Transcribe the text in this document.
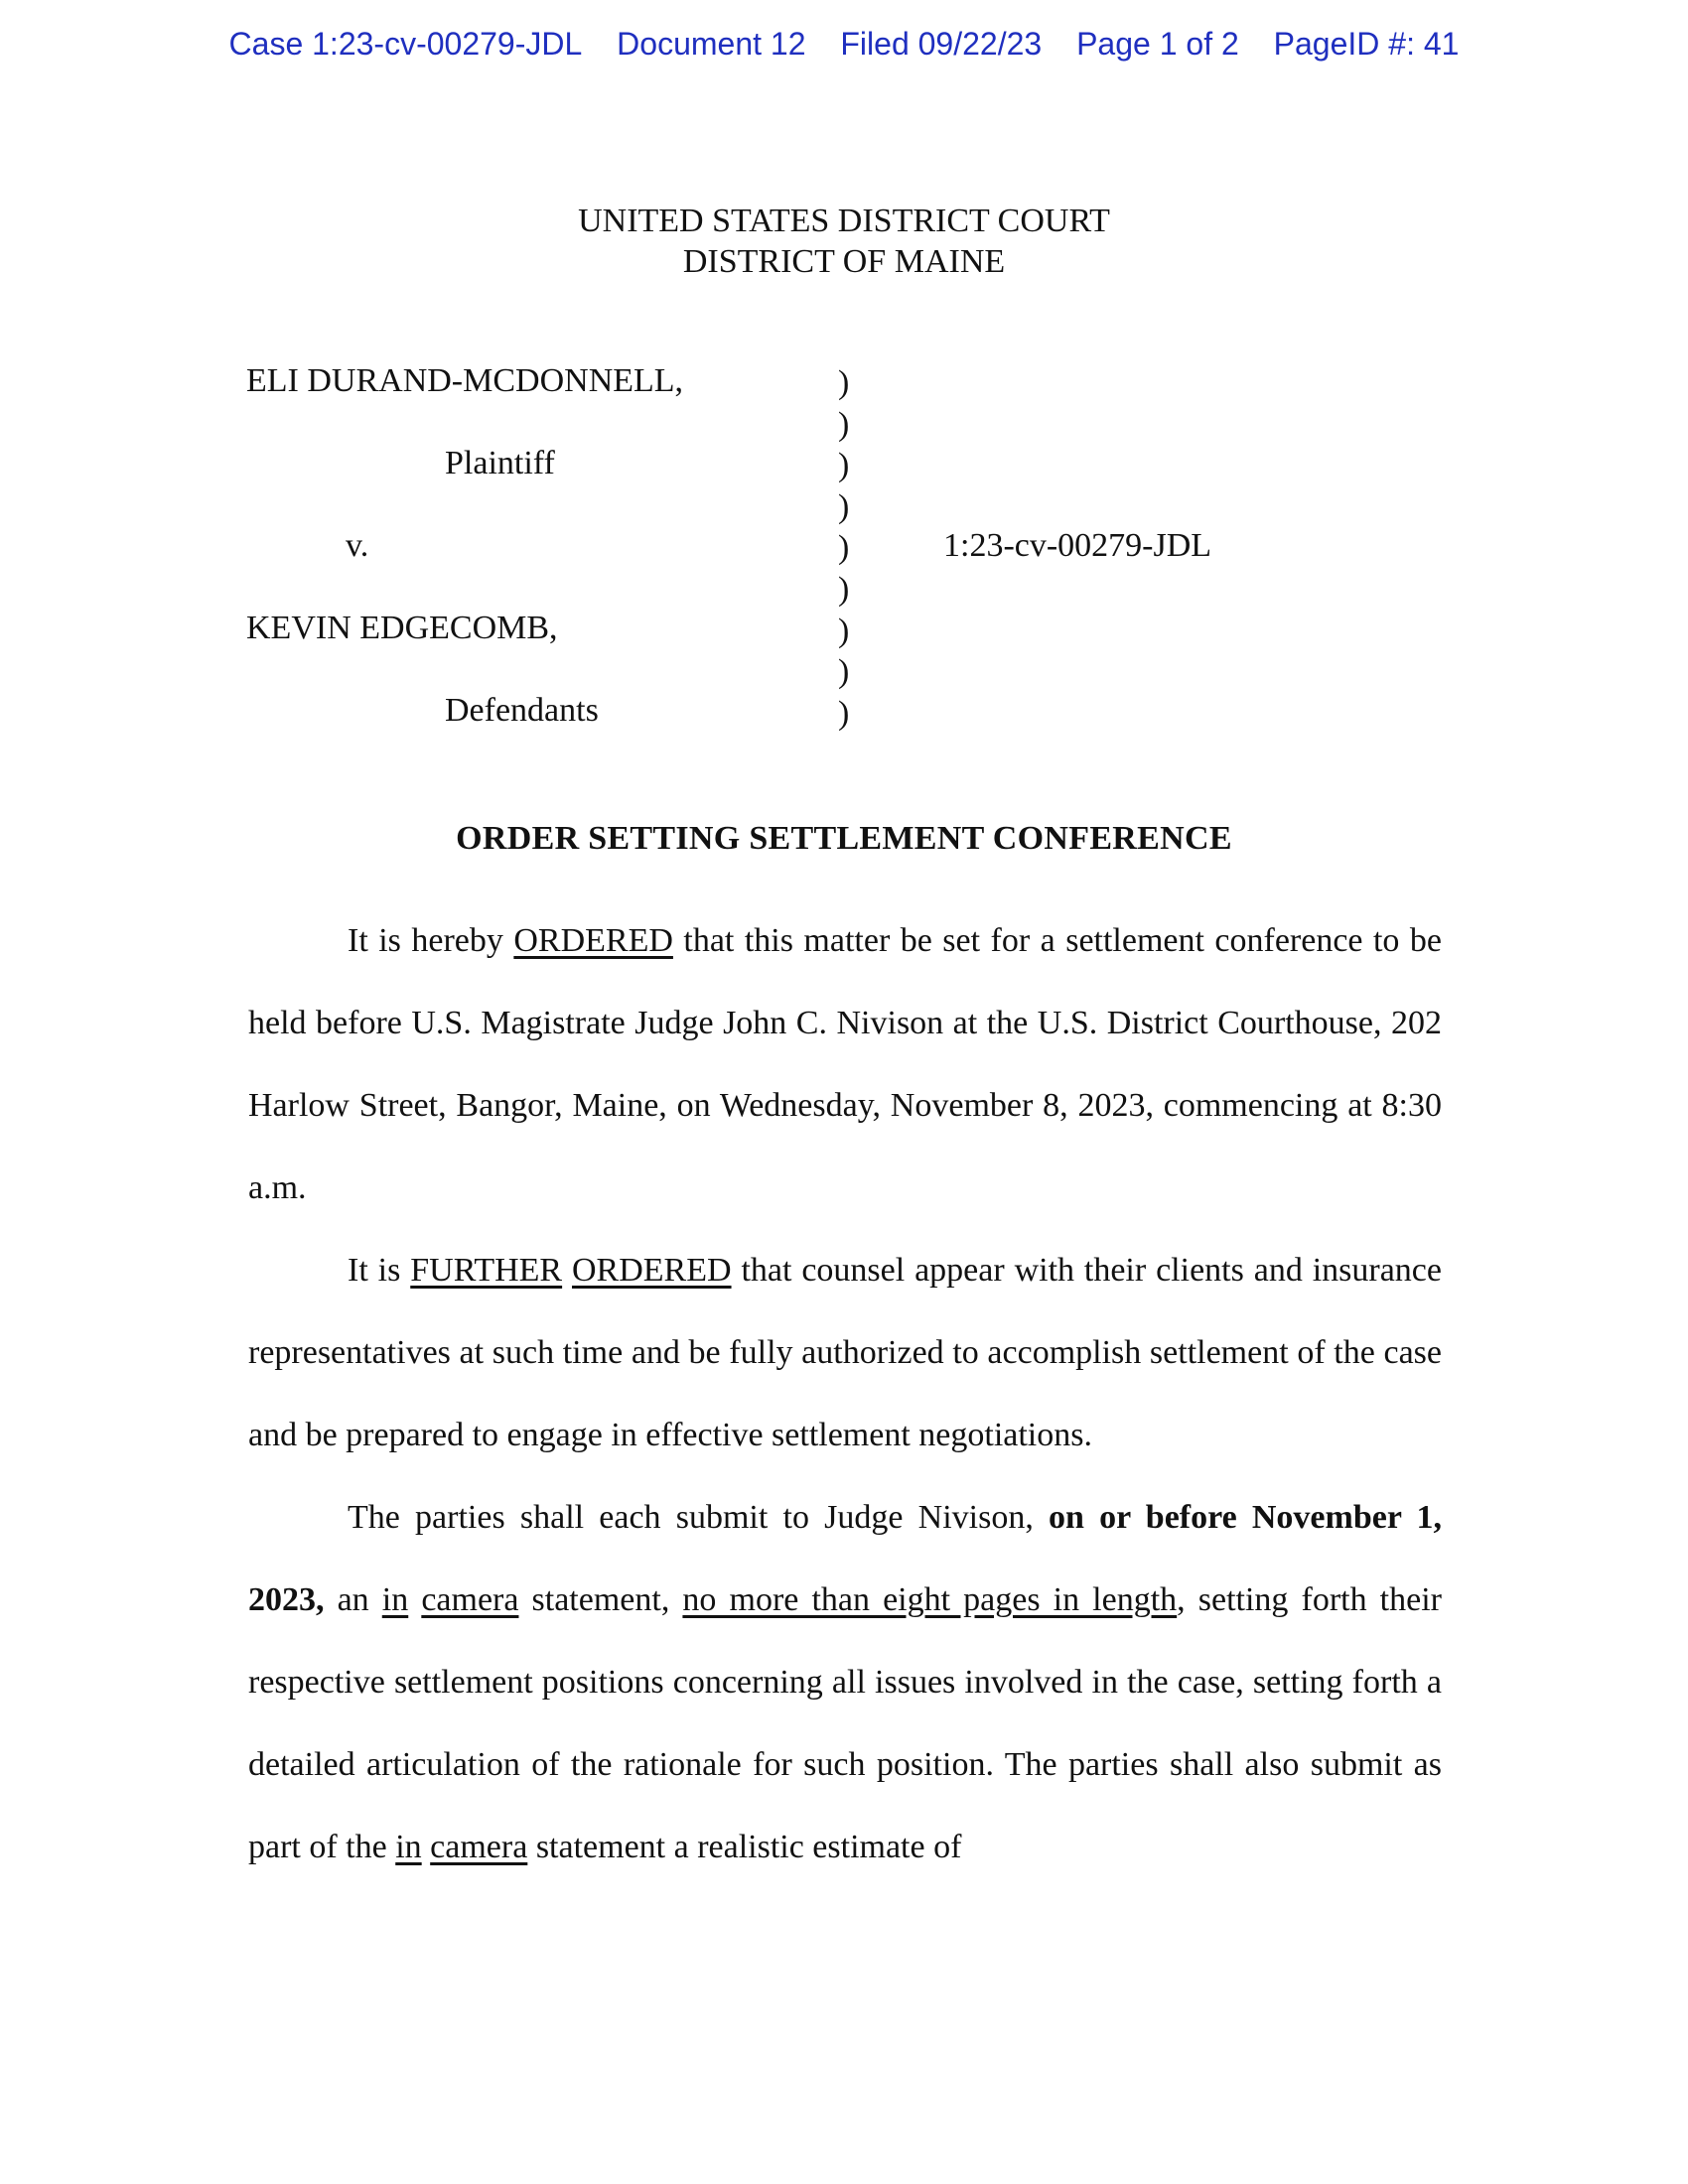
Case 1:23-cv-00279-JDL Document 12 Filed 09/22/23 Page 1 of 2 PageID #: 41
UNITED STATES DISTRICT COURT
DISTRICT OF MAINE
ELI DURAND-MCDONNELL,
Plaintiff
v.
KEVIN EDGECOMB,
Defendants
1:23-cv-00279-JDL
)
)
)
)
)
)
)
)
)
ORDER SETTING SETTLEMENT CONFERENCE

It is hereby ORDERED that this matter be set for a settlement conference to be held before U.S. Magistrate Judge John C. Nivison at the U.S. District Courthouse, 202 Harlow Street, Bangor, Maine, on Wednesday, November 8, 2023, commencing at 8:30 a.m.

It is FURTHER ORDERED that counsel appear with their clients and insurance representatives at such time and be fully authorized to accomplish settlement of the case and be prepared to engage in effective settlement negotiations.

The parties shall each submit to Judge Nivison, on or before November 1, 2023, an in camera statement, no more than eight pages in length, setting forth their respective settlement positions concerning all issues involved in the case, setting forth a detailed articulation of the rationale for such position. The parties shall also submit as part of the in camera statement a realistic estimate of
